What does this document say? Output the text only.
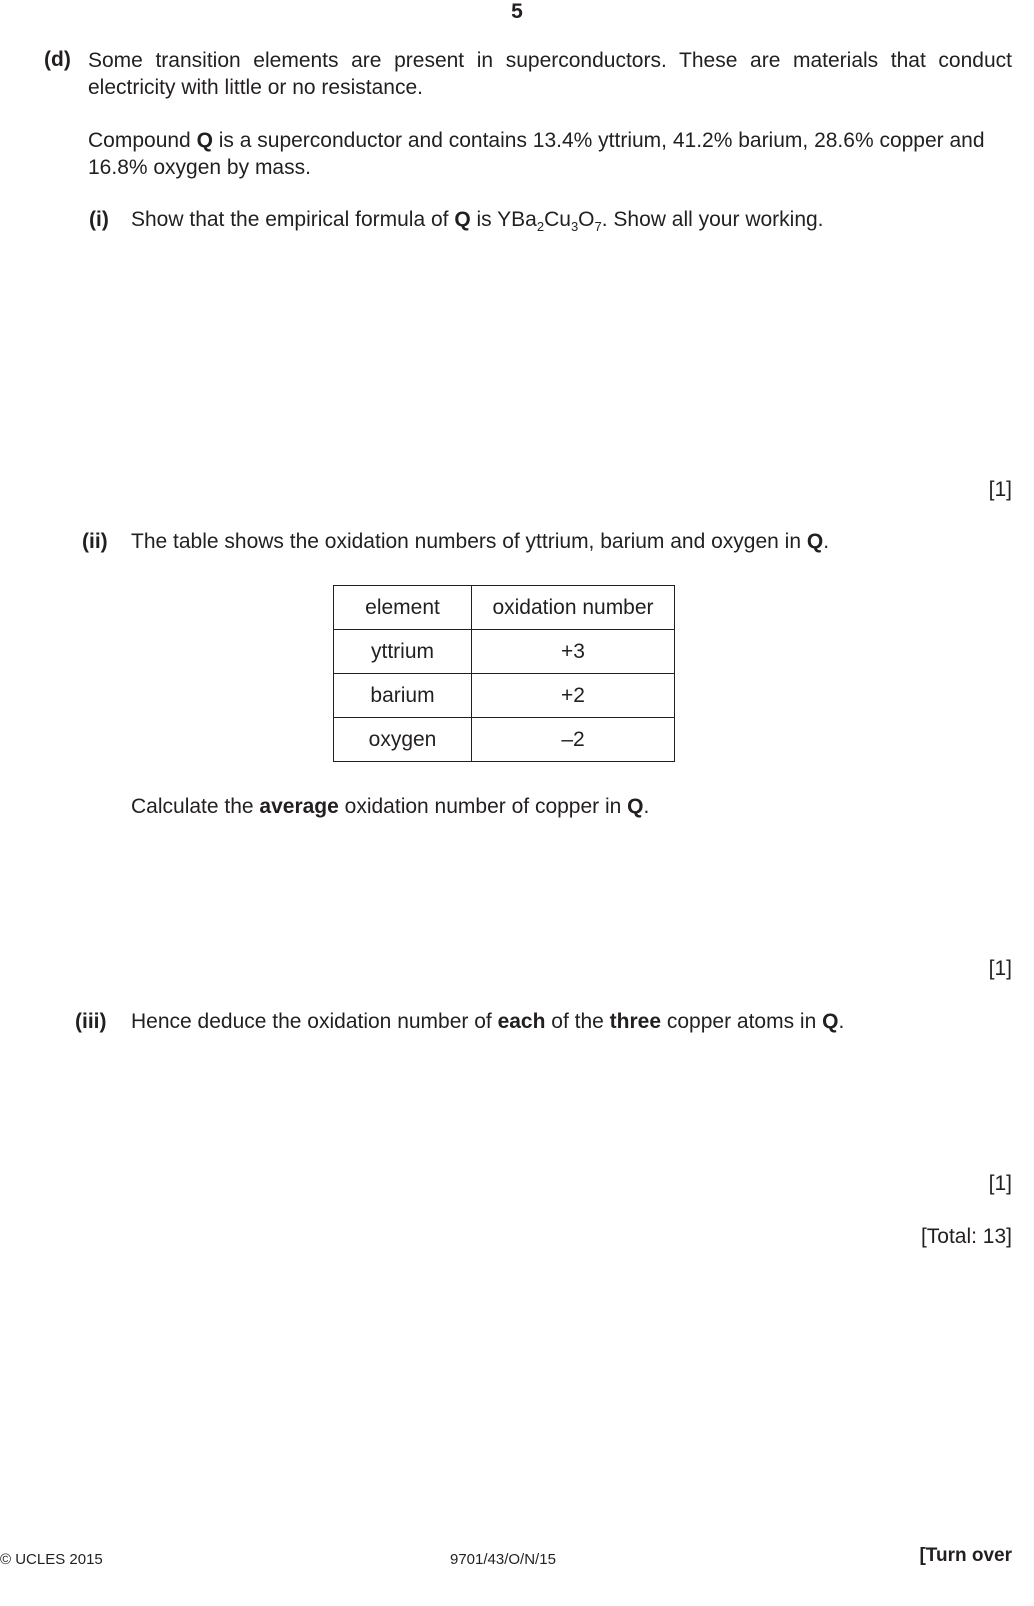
5
(d) Some transition elements are present in superconductors. These are materials that conduct electricity with little or no resistance.
Compound Q is a superconductor and contains 13.4% yttrium, 41.2% barium, 28.6% copper and 16.8% oxygen by mass.
(i) Show that the empirical formula of Q is $YBa_2Cu_3O_7$. Show all your working.
[1]
(ii) The table shows the oxidation numbers of yttrium, barium and oxygen in Q.
element	oxidation number
yttrium	+3
barium	+2
oxygen	–2
Calculate the average oxidation number of copper in Q.
[1]
(iii) Hence deduce the oxidation number of each of the three copper atoms in Q.
[1]
[Total: 13]
© UCLES 2015	9701/43/O/N/15	[Turn over
